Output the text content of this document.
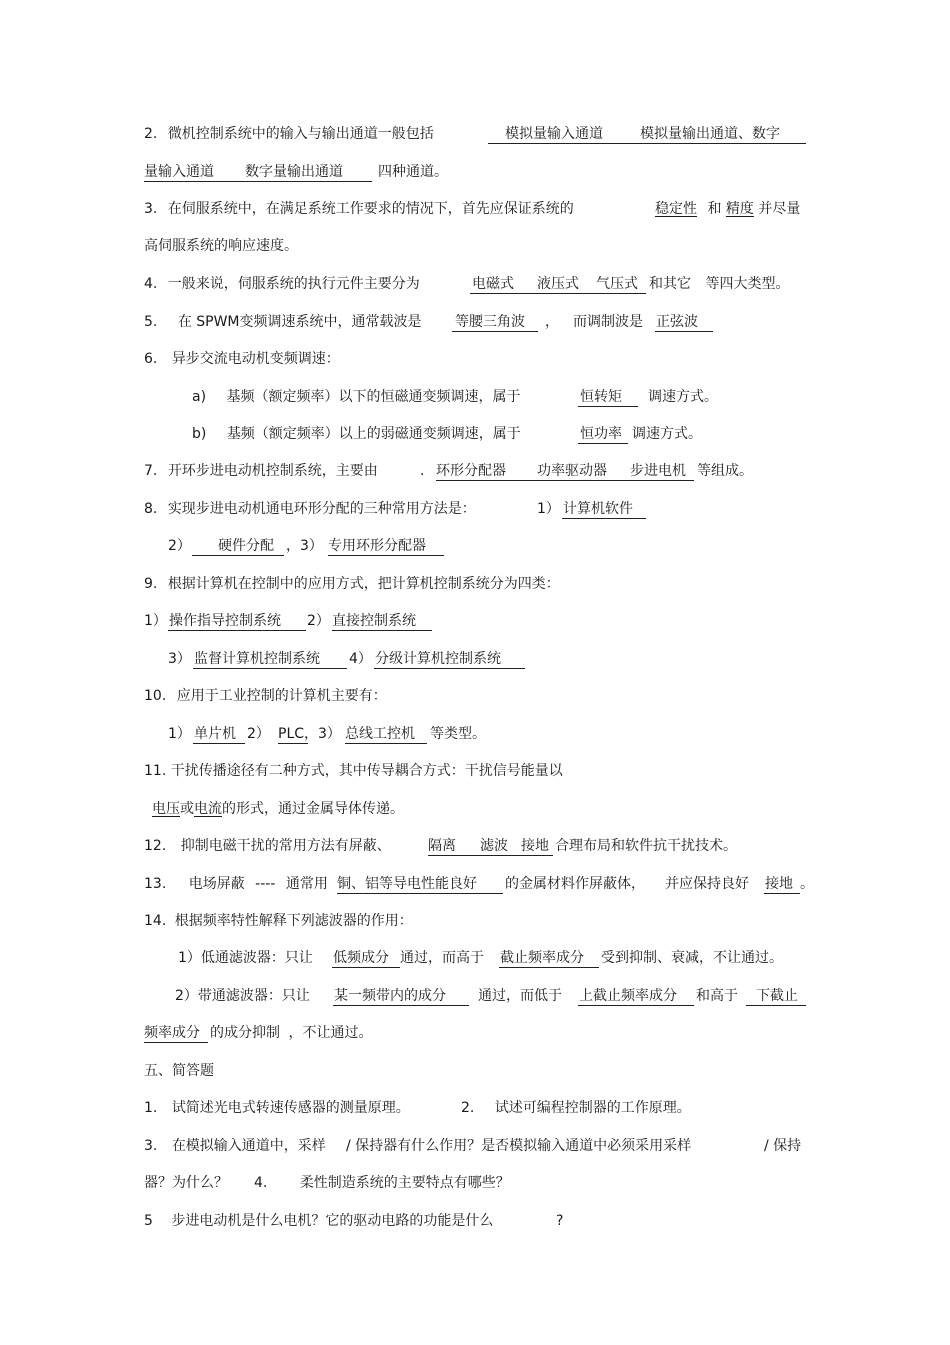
2. 微机控制系统中的输入与输出通道一般包括	模拟量输入通道	模拟量输出通道、数字
量输入通道 数字量输出通道	四种通道。
3. 在伺服系统中，在满足系统工作要求的情况下，首先应保证系统的	稳定性 和 精度 并尽量
高伺服系统的响应速度。
4. 一般来说，伺服系统的执行元件主要分为	电磁式 液压式 气压式 和其它 等四大类型。
5. 在 SPWM变频调速系统中，通常载波是 等腰三角波 ， 而调制波是 正弦波
6. 异步交流电动机变频调速：
a) 基频（额定频率）以下的恒磁通变频调速，属于	恒转矩 调速方式。
b) 基频（额定频率）以上的弱磁通变频调速，属于	恒功率 调速方式。
7. 开环步进电动机控制系统，主要由	. 环形分配器 功率驱动器 步进电机 等组成。
8. 实现步进电动机通电环形分配的三种常用方法是：	1） 计算机软件
2） 硬件分配 ，3） 专用环形分配器
9. 根据计算机在控制中的应用方式，把计算机控制系统分为四类：
1） 操作指导控制系统 2） 直接控制系统
3） 监督计算机控制系统 4） 分级计算机控制系统
10. 应用于工业控制的计算机主要有：
1） 单片机 2） PLC ，3） 总线工控机 等类型。
11. 干扰传播途径有二种方式，其中传导耦合方式：干扰信号能量以
电压或电流的形式，通过金属导体传递。
12. 抑制电磁干扰的常用方法有屏蔽、	隔离 滤波 接地 合理布局和软件抗干扰技术。
13. 电场屏蔽 ---- 通常用 铜、铝等导电性能良好 的金属材料作屏蔽体， 并应保持良好 接地 。
14. 根据频率特性解释下列滤波器的作用：
1）低通滤波器：只让 低频成分 通过，而高于 截止频率成分 受到抑制、衰减，不让通过。
2）带通滤波器：只让 某一频带内的成分 通过，而低于 上截止频率成分 和高于 下截止
频率成分 的成分抑制 ，不让通过。
五、简答题
1. 试简述光电式转速传感器的测量原理。	2. 试述可编程控制器的工作原理。
3. 在模拟输入通道中，采样 / 保持器有什么作用？是否模拟输入通道中必须采用采样	/ 保持
器？为什么？ 4. 柔性制造系统的主要特点有哪些？
5 步进电动机是什么电机？它的驱动电路的功能是什么	?
